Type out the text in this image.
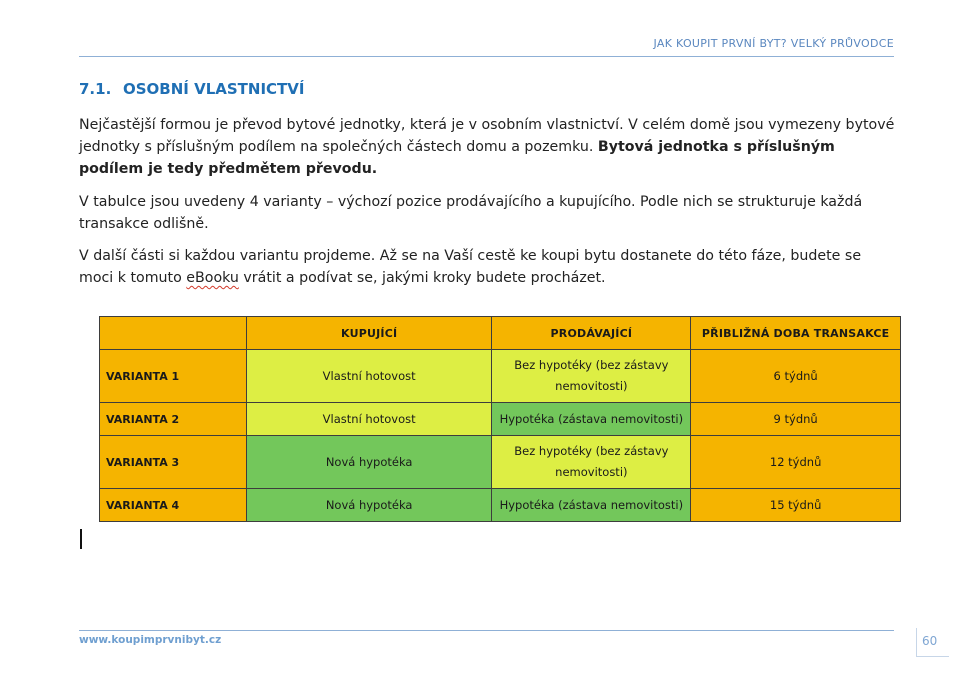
JAK KOUPIT PRVNÍ BYT? VELKÝ PRŮVODCE
7.1. OSOBNÍ VLASTNICTVÍ

Nejčastější formou je převod bytové jednotky, která je v osobním vlastnictví. V celém domě jsou vymezeny bytové jednotky s příslušným podílem na společných částech domu a pozemku. Bytová jednotka s příslušným podílem je tedy předmětem převodu.

V tabulce jsou uvedeny 4 varianty – výchozí pozice prodávajícího a kupujícího. Podle nich se strukturuje každá transakce odlišně.

V další části si každou variantu projdeme. Až se na Vaší cestě ke koupi bytu dostanete do této fáze, budete se moci k tomuto eBooku vrátit a podívat se, jakými kroky budete procházet.

	KUPUJÍCÍ	PRODÁVAJÍCÍ	PŘIBLIŽNÁ DOBA TRANSAKCE
VARIANTA 1	Vlastní hotovost	Bez hypotéky (bez zástavy nemovitosti)	6 týdnů
VARIANTA 2	Vlastní hotovost	Hypotéka (zástava nemovitosti)	9 týdnů
VARIANTA 3	Nová hypotéka	Bez hypotéky (bez zástavy nemovitosti)	12 týdnů
VARIANTA 4	Nová hypotéka	Hypotéka (zástava nemovitosti)	15 týdnů
www.koupimprvnibyt.cz	60
